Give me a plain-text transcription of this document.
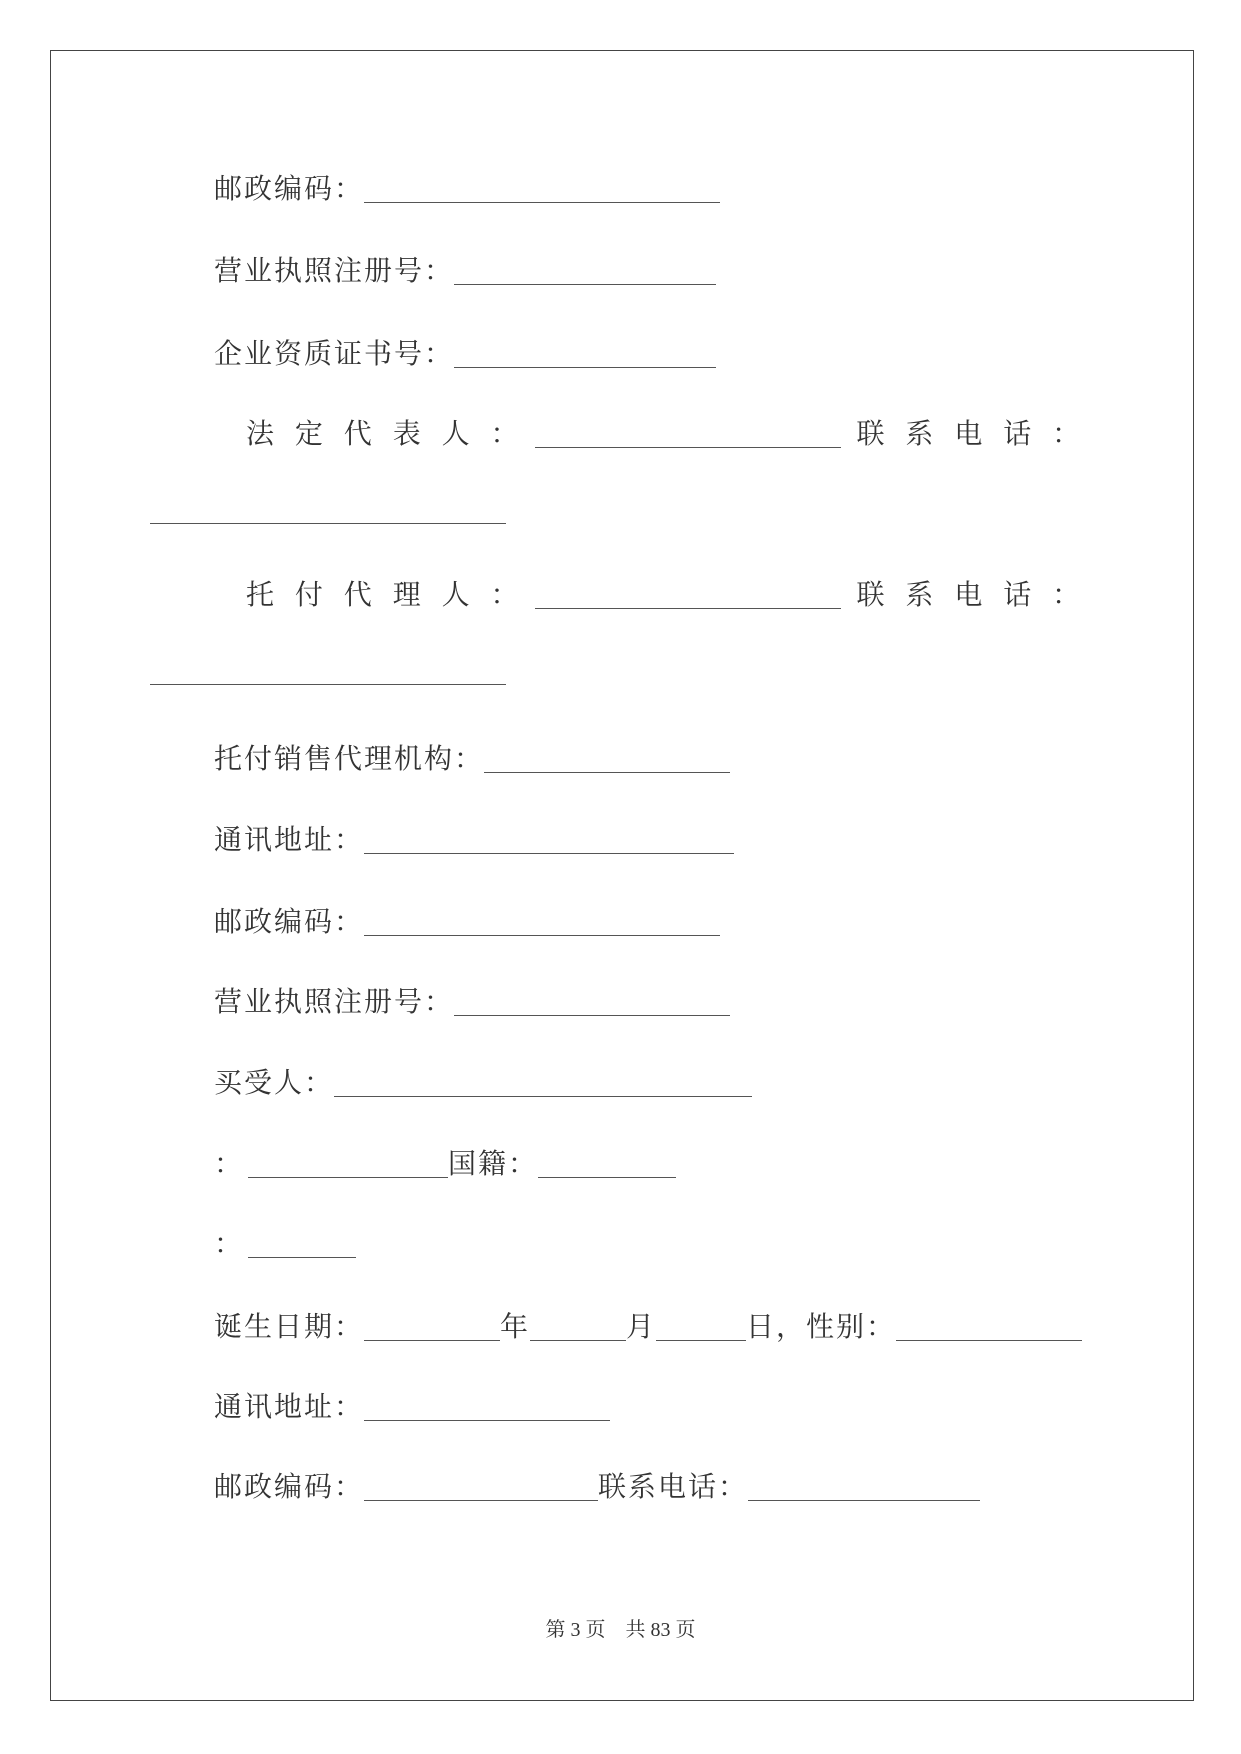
邮政编码：
营业执照注册号：
企业资质证书号：
法 定 代 表 人 ：	联 系 电 话 ：
托 付 代 理 人 ：	联 系 电 话 ：
托付销售代理机构：
通讯地址：
邮政编码：
营业执照注册号：
买受人：
：	国籍：
：
诞生日期：	年	月	日，性别：
通讯地址：
邮政编码：	联系电话：
第 3 页 共 83 页
